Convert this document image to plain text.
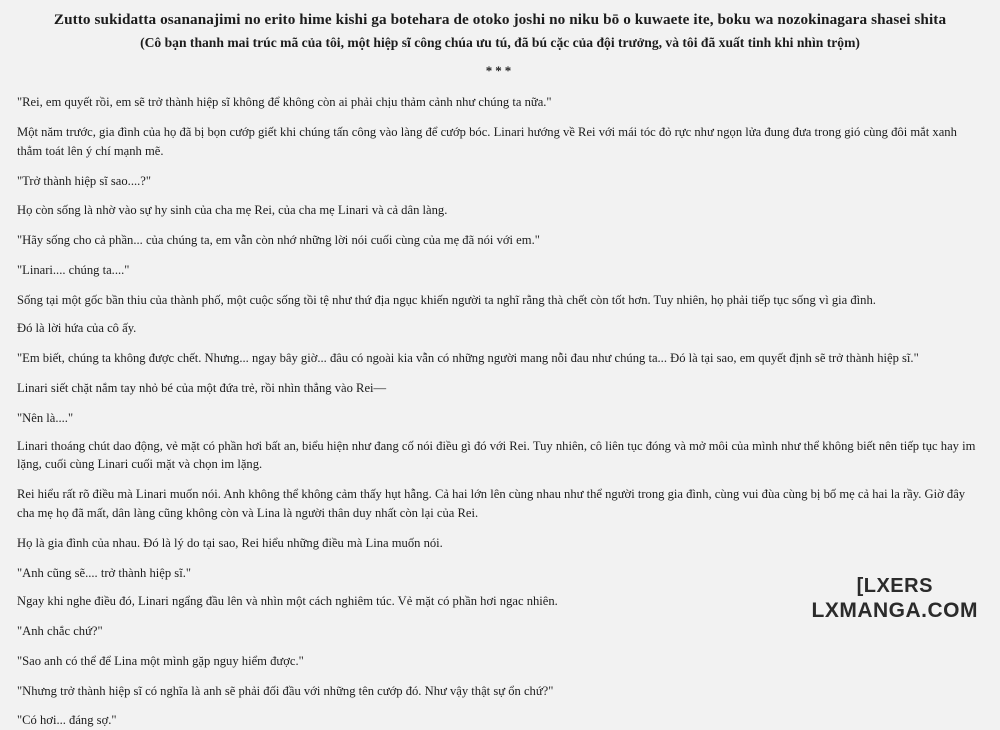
Zutto sukidatta osananajimi no erito hime kishi ga botehara de otoko joshi no niku bō o kuwaete ite, boku wa nozokinagara shasei shita
(Cô bạn thanh mai trúc mã của tôi, một hiệp sĩ công chúa ưu tú, đã bú cặc của đội trưởng, và tôi đã xuất tinh khi nhìn trộm)
***

"Rei, em quyết rồi, em sẽ trở thành hiệp sĩ không để không còn ai phải chịu thảm cảnh như chúng ta nữa."

Một năm trước, gia đình của họ đã bị bọn cướp giết khi chúng tấn công vào làng để cướp bóc. Linari hướng về Rei với mái tóc đỏ rực như ngọn lửa đung đưa trong gió cùng đôi mắt xanh thẳm toát lên ý chí mạnh mẽ.

"Trở thành hiệp sĩ sao....?"

Họ còn sống là nhờ vào sự hy sinh của cha mẹ Rei, của cha mẹ Linari và cả dân làng.

"Hãy sống cho cả phần... của chúng ta, em vẫn còn nhớ những lời nói cuối cùng của mẹ đã nói với em."

"Linari.... chúng ta...."

Sống tại một gốc bần thiu của thành phố, một cuộc sống tồi tệ như thứ địa ngục khiến người ta nghĩ rằng thà chết còn tốt hơn. Tuy nhiên, họ phải tiếp tục sống vì gia đình.

Đó là lời hứa của cô ấy.

"Em biết, chúng ta không được chết. Nhưng... ngay bây giờ... đâu có ngoài kia vẫn có những người mang nỗi đau như chúng ta... Đó là tại sao, em quyết định sẽ trở thành hiệp sĩ."

Linari siết chặt nắm tay nhỏ bé của một đứa trẻ, rồi nhìn thẳng vào Rei—

"Nên là...."

Linari thoáng chút dao động, vẻ mặt có phần hơi bất an, biểu hiện như đang cố nói điều gì đó với Rei. Tuy nhiên, cô liên tục đóng và mở môi của mình như thể không biết nên tiếp tục hay im lặng, cuối cùng Linari cuối mặt và chọn im lặng.

Rei hiểu rất rõ điều mà Linari muốn nói. Anh không thể không cảm thấy hụt hẫng. Cả hai lớn lên cùng nhau như thể người trong gia đình, cùng vui đùa cùng bị bố mẹ cả hai la rầy. Giờ đây cha mẹ họ đã mất, dân làng cũng không còn và Lina là người thân duy nhất còn lại của Rei.

Họ là gia đình của nhau. Đó là lý do tại sao, Rei hiểu những điều mà Lina muốn nói.

"Anh cũng sẽ.... trở thành hiệp sĩ."

Ngay khi nghe điều đó, Linari ngẩng đầu lên và nhìn một cách nghiêm túc. Vẻ mặt có phần hơi ngac nhiên.

"Anh chắc chứ?"

"Sao anh có thể để Lina một mình gặp nguy hiểm được."

"Nhưng trở thành hiệp sĩ có nghĩa là anh sẽ phải đối đầu với những tên cướp đó. Như vậy thật sự ổn chứ?"

"Có hơi... đáng sợ."

[LXERS
LXMANGA.COM
